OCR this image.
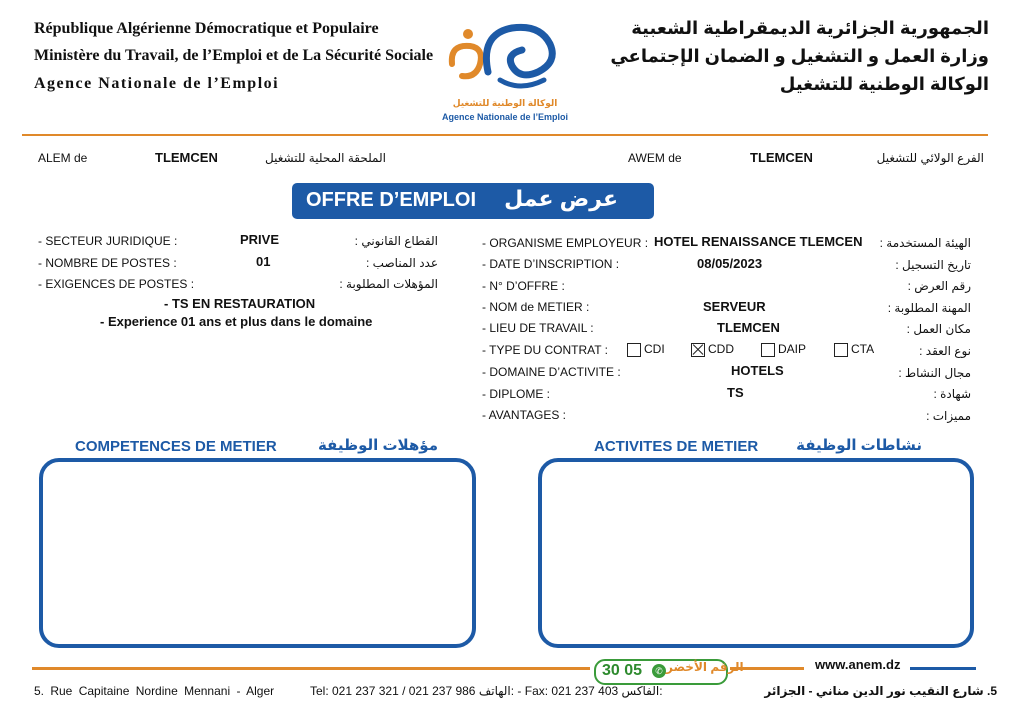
République Algérienne Démocratique et Populaire
Ministère du Travail, de l’Emploi et de La Sécurité Sociale
Agence Nationale de l’Emploi
الجمهورية الجزائرية الديمقراطية الشعبية
وزارة العمل و التشغيل و الضمان الإجتماعي
الوكالة الوطنية للتشغيل
الوكالة الوطنية للتشغيل
Agence Nationale de l’Emploi
ALEM de	TLEMCEN	الملحقة المحلية للتشغيل	AWEM de	TLEMCEN	الفرع الولائي للتشغيل
OFFRE D’EMPLOI عرض عمل
- SECTEUR JURIDIQUE :	PRIVE	القطاع القانوني :
- NOMBRE DE POSTES :	01	عدد المناصب :
- EXIGENCES DE POSTES :	المؤهلات المطلوبة :
- TS EN RESTAURATION
- Experience 01 ans et plus dans le domaine
- ORGANISME EMPLOYEUR : HOTEL RENAISSANCE TLEMCEN الهيئة المستخدمة :
- DATE D’INSCRIPTION :	08/05/2023	تاريخ التسجيل :
- N° D’OFFRE :	رقم العرض :
- NOM de METIER :	SERVEUR	المهنة المطلوبة :
- LIEU DE TRAVAIL :	TLEMCEN	مكان العمل :
- TYPE DU CONTRAT :	CDI	CDD	DAIP	CTA	نوع العقد :
- DOMAINE D’ACTIVITE :	HOTELS	مجال النشاط :
- DIPLOME :	TS	شهادة :
- AVANTAGES :	مميزات :
COMPETENCES DE METIER	مؤهلات الوظيفة	ACTIVITES DE METIER	نشاطات الوظيفة
30 05	✆ الرقم الأخضر	www.anem.dz
5. Rue Capitaine Nordine Mennani - Alger	Tel: 021 237 321 / 021 237 986 الهاتف: - Fax: 021 237 403 الفاكس:	5. شارع النقيب نور الدين مناني - الجزائر
